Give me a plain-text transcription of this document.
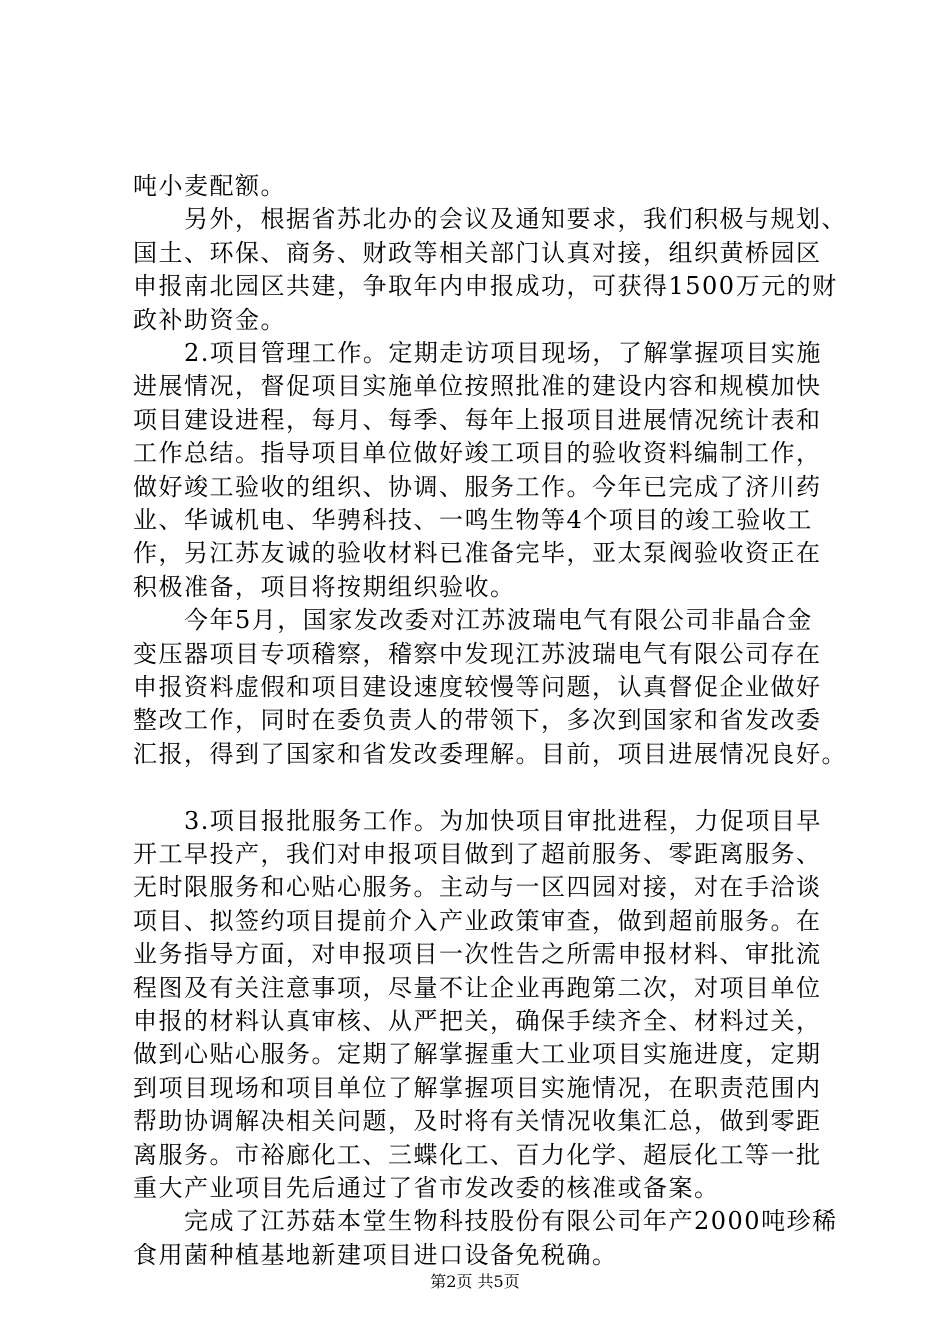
吨小麦配额。
　　另外，根据省苏北办的会议及通知要求，我们积极与规划、
国土、环保、商务、财政等相关部门认真对接，组织黄桥园区
申报南北园区共建，争取年内申报成功，可获得1500万元的财
政补助资金。
　　2.项目管理工作。定期走访项目现场，了解掌握项目实施
进展情况，督促项目实施单位按照批准的建设内容和规模加快
项目建设进程，每月、每季、每年上报项目进展情况统计表和
工作总结。指导项目单位做好竣工项目的验收资料编制工作，
做好竣工验收的组织、协调、服务工作。今年已完成了济川药
业、华诚机电、华骋科技、一鸣生物等4个项目的竣工验收工
作，另江苏友诚的验收材料已准备完毕，亚太泵阀验收资正在
积极准备，项目将按期组织验收。
　　今年5月，国家发改委对江苏波瑞电气有限公司非晶合金
变压器项目专项稽察，稽察中发现江苏波瑞电气有限公司存在
申报资料虚假和项目建设速度较慢等问题，认真督促企业做好
整改工作，同时在委负责人的带领下，多次到国家和省发改委
汇报，得到了国家和省发改委理解。目前，项目进展情况良好。
　　3.项目报批服务工作。为加快项目审批进程，力促项目早
开工早投产，我们对申报项目做到了超前服务、零距离服务、
无时限服务和心贴心服务。主动与一区四园对接，对在手洽谈
项目、拟签约项目提前介入产业政策审查，做到超前服务。在
业务指导方面，对申报项目一次性告之所需申报材料、审批流
程图及有关注意事项，尽量不让企业再跑第二次，对项目单位
申报的材料认真审核、从严把关，确保手续齐全、材料过关，
做到心贴心服务。定期了解掌握重大工业项目实施进度，定期
到项目现场和项目单位了解掌握项目实施情况，在职责范围内
帮助协调解决相关问题，及时将有关情况收集汇总，做到零距
离服务。市裕廊化工、三蝶化工、百力化学、超辰化工等一批
重大产业项目先后通过了省市发改委的核准或备案。
　　完成了江苏菇本堂生物科技股份有限公司年产2000吨珍稀
食用菌种植基地新建项目进口设备免税确。
第2页 共5页
